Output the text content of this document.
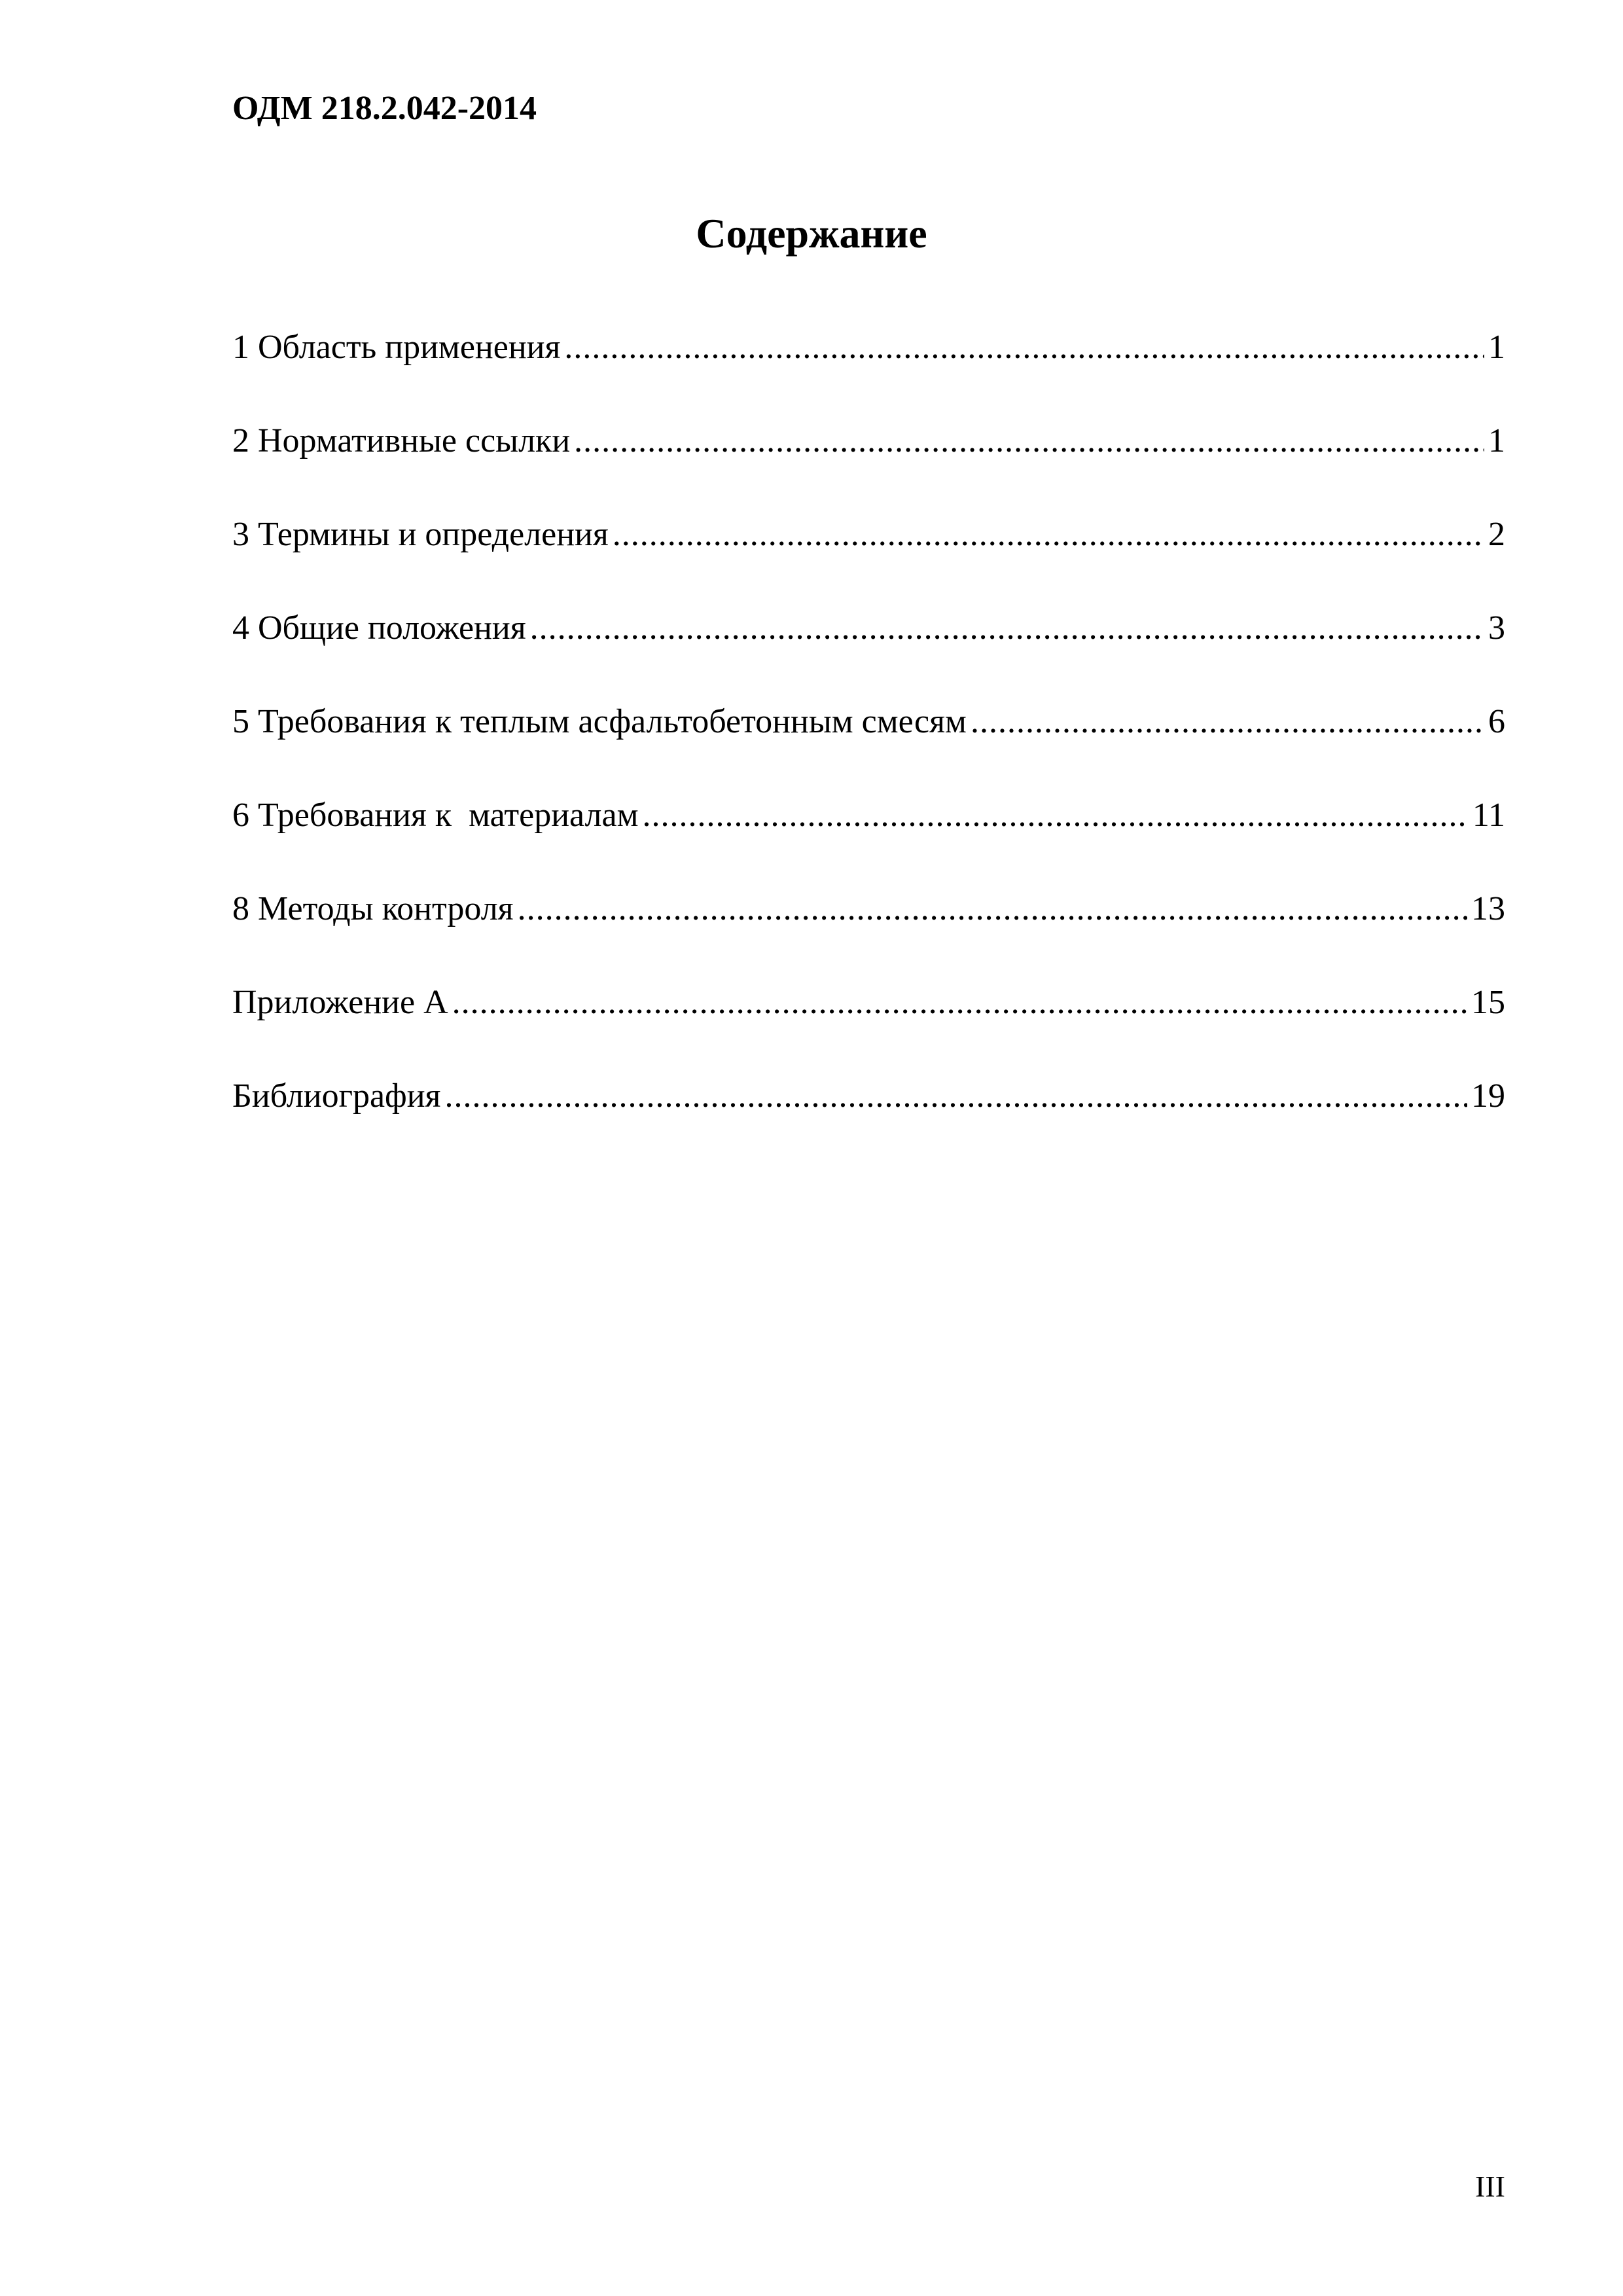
ОДМ 218.2.042-2014
Содержание
1 Область применения .....	1
2 Нормативные ссылки .....	1
3 Термины и определения .....	2
4 Общие положения .....	3
5 Требования к теплым асфальтобетонным смесям .....	6
6 Требования к  материалам .....	11
8 Методы контроля .....	13
Приложение А .....	15
Библиография .....	19
III
